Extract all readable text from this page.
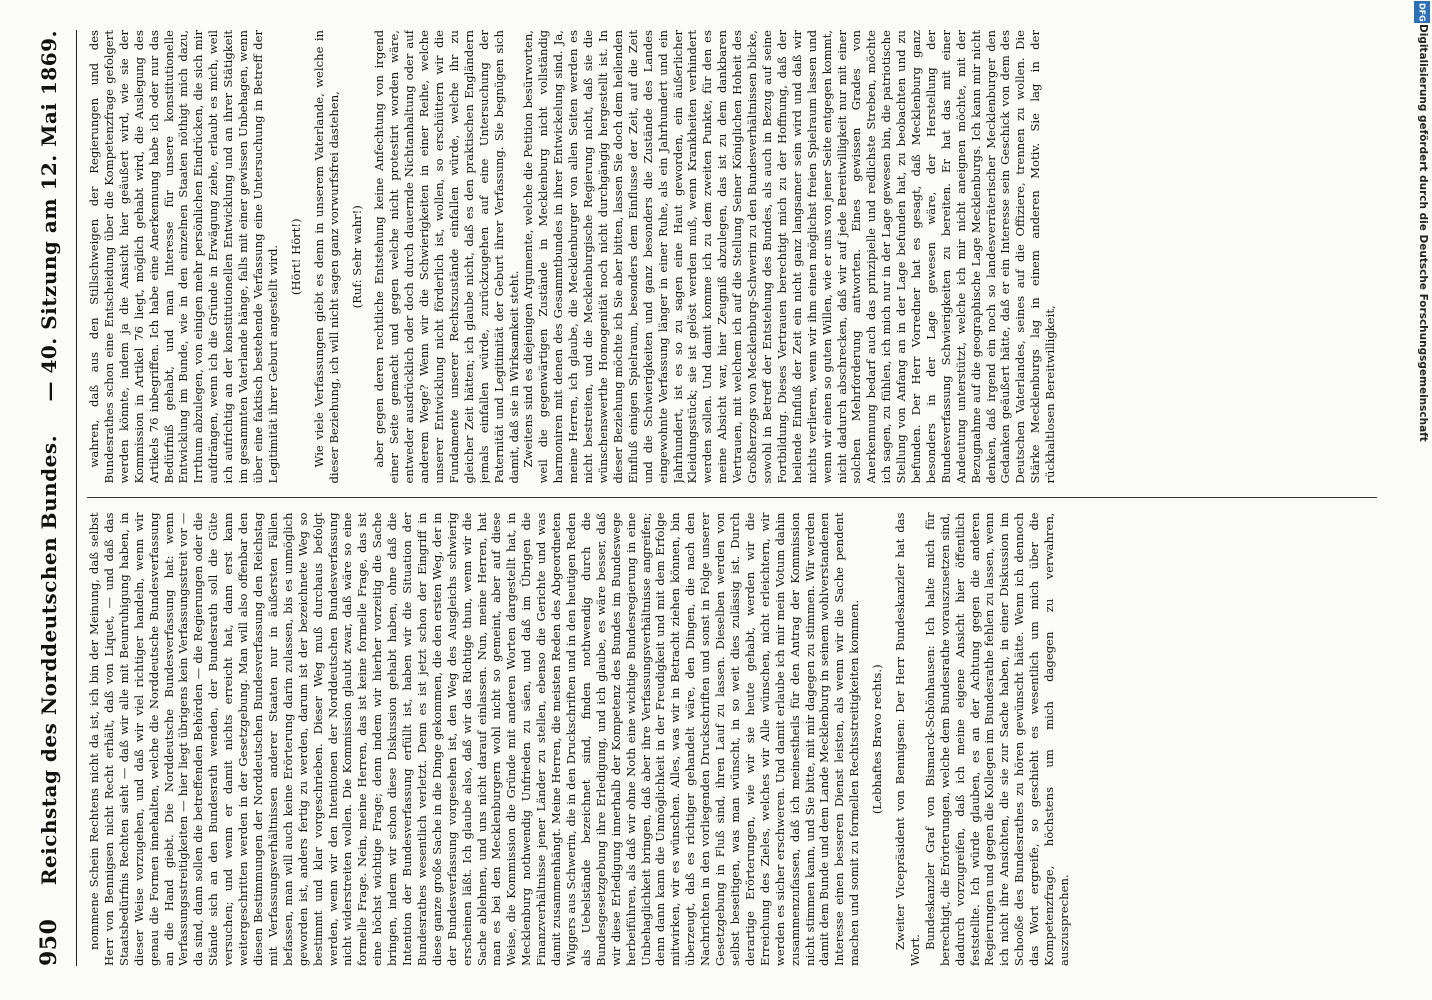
950
Reichstag des Norddeutschen Bundes.
— 40. Sitzung am 12. Mai 1869.

nommene Schein Rechtens nicht da ist, ich bin der Meinung, daß selbst Herr von Bennigsen nicht Recht erhält, daß von Liquet, — und daß das Staatsbedürfnis Rechten sieht — daß wir alle mit Beunruhigung haben, in dieser Weise vorzugehen, und daß wir viel richtiger handeln, wenn wir genau die Formen innehalten, welche die Norddeutsche Bundesverfassung an die Hand giebt. Die Norddeutsche Bundesverfassung hat: wenn Verfassungsstreitigkeiten — hier liegt übrigens kein Verfassungsstreit vor — da sind, dann sollen die betreffenden Behörden — die Regierungen oder die Stände sich an den Bundesrath wenden, der Bundesrath soll die Güte versuchen; und wenn er damit nichts erreicht hat, dann erst kann weitergeschritten werden in der Gesetzgebung. Man will also offenbar den diesen Bestimmungen der Norddeutschen Bundesverfassung den Reichstag mit Verfassungsverhältnissen anderer Staaten nur in äußersten Fällen befassen, man will auch keine Erörterung darin zulassen, bis es unmöglich geworden ist, anders fertig zu werden, darum ist der bezeichnete Weg so bestimmt und klar vorgeschrieben. Dieser Weg muß durchaus befolgt werden, wenn wir den Intentionen der Norddeutschen Bundesverfassung nicht widerstreiten wollen. Die Kommission glaubt zwar, daß wäre so eine formelle Frage. Nein, meine Herren, das ist keine formelle Frage, das ist eine höchst wichtige Frage; denn indem wir hierher vorzeitig die Sache bringen, indem wir schon diese Diskussion gehabt haben, ohne daß die Intention der Bundesverfassung erfüllt ist, haben wir die Situation der Bundesrathes wesentlich verletzt. Denn es ist jetzt schon der Eingriff in diese ganze große Sache in die Dinge gekommen, die den ersten Weg, der in der Bundesverfassung vorgesehen ist, den Weg des Ausgleichs schwierig erscheinen läßt. Ich glaube also, daß wir das Richtige thun, wenn wir die Sache ablehnen, und uns nicht darauf einlassen. Nun, meine Herren, hat man es bei den Mecklenburgern wohl nicht so gemeint, aber auf diese Weise, die Kommission die Gründe mit anderen Worten dargestellt hat, in Mecklenburg nothwendig Unfrieden zu säen, und daß im Übrigen die Finanzverhältnisse jener Länder zu stellen, ebenso die Gerichte und was damit zusammenhängt. Meine Herren, die meisten Reden des Abgeordneten Wiggers aus Schwerin, die in den Druckschriften und in den heutigen Reden als Uebelstände bezeichnet sind, finden nothwendig durch die Bundesgesetzgebung ihre Erledigung, und ich glaube, es wäre besser, daß wir diese Erledigung innerhalb der Kompetenz des Bundes im Bundeswege herbeiführen, als daß wir ohne Noth eine wichtige Bundesregierung in eine Unbehaglichkeit bringen, daß aber ihre Verfassungsverhältnisse angreifen; denn dann kann die Unmöglichkeit in der Freudigkeit und mit dem Erfolge mitwirken, wir es wünschen. Alles, was wir in Betracht ziehen können, bin überzeugt, daß es richtiger gehandelt wäre, den Dingen, die nach den Nachrichten in den vorliegenden Druckschriften und sonst in Folge unserer Gesetzgebung in Fluß sind, ihren Lauf zu lassen. Dieselben werden von selbst beseitigen, was man wünscht, in so weit dies zulässig ist. Durch derartige Erörterungen, wie wir sie heute gehabt, werden wir die Erreichung des Zieles, welches wir Alle wünschen, nicht erleichtern, wir werden es sicher erschweren. Und damit erlaube ich mir mein Votum dahin zusammenzufassen, daß ich meinestheils für den Antrag der Kommission nicht stimmen kann, und Sie bitte, mit mir dagegen zu stimmen. Wir werden damit dem Bunde und dem Lande Mecklenburg in seinem wohlverstandenen Interesse einen besseren Dienst leisten, als wenn wir die Sache pendent machen und somit zu formellen Rechtsstreitigkeiten kommen. (Lebhaftes Bravo rechts.) Zweiter Vicepräsident von Bennigsen: Der Herr Bundeskanzler hat das Wort. Bundeskanzler Graf von Bismarck-Schönhausen: Ich halte mich für berechtigt, die Erörterungen, welche dem Bundesrathe vorauszusetzen sind, dadurch vorzugreifen, daß ich meine eigene Ansicht hier öffentlich feststellte. Ich würde glauben, es an der Achtung gegen die anderen Regierungen und gegen die Kollegen im Bundesrathe fehlen zu lassen, wenn ich nicht ihre Ansichten, die sie zur Sache haben, in einer Diskussion im Schooße des Bundesrathes zu hören gewünscht hätte. Wenn ich dennoch das Wort ergreife, so geschieht es wesentlich um mich über die Kompetenzfrage, höchstens um mich dagegen zu verwahren, auszusprechen.

wahren, daß aus den Stillschweigen der Regierungen und des Bundesrathes schon eine Entscheidung über die Kompetenzfrage gefolgert werden könnte, indem ja die Ansicht hier geäußert wird, wie sie der Kommission in Artikel 76 liegt, möglich gehabt wird, die Auslegung des Artikels 76 inbegriffen. Ich habe eine Anerkennung habe ich oder nur das Bedürfniß gehabt, und man Interesse für unsere konstitutionelle Entwicklung im Bunde, wie in den einzelnen Staaten nöthigt mich dazu, Irrthum abzulegen, von einigen mehr persönlichen Eindrücken, die sich mir aufdrängen, wenn ich die Gründe in Erwägung ziehe, erlaubt es mich, weil ich aufrichtig an der konstitutionellen Entwicklung und an ihrer Stätigkeit im gesammten Vaterlande hänge, falls mit einer gewissen Unbehagen, wenn über eine faktisch bestehende Verfassung eine Untersuchung in Betreff der Legitimität ihrer Geburt angestellt wird. (Hört! Hört!) Wie viele Verfassungen giebt es denn in unserem Vaterlande, welche in dieser Beziehung, ich will nicht sagen ganz vorwurfsfrei dastehen, (Ruf: Sehr wahr!) aber gegen deren rechtliche Entstehung keine Anfechtung von irgend einer Seite gemacht und gegen welche nicht protestirt worden wäre, entweder ausdrücklich oder doch durch dauernde Nichtanhaltung oder auf anderem Wege? Wenn wir die Schwierigkeiten in einer Reihe, welche unserer Entwicklung nicht förderlich ist, wollen, so erschüttern wir die Fundamente unserer Rechtszustände einfallen würde, welche ihr zu gleicher Zeit hätten; ich glaube nicht, daß es den praktischen Engländern jemals einfallen würde, zurückzugehen auf eine Untersuchung der Paternität und Legitimität der Geburt ihrer Verfassung. Sie begnügen sich damit, daß sie in Wirksamkeit steht. Zweitens sind es diejenigen Argumente, welche die Petition besürworten, weil die gegenwärtigen Zustände in Mecklenburg nicht vollständig harmoniren mit denen des Gesammtbundes in ihrer Entwickelung sind. Ja, meine Herren, ich glaube, die Mecklenburger von allen Seiten werden es nicht bestreiten, und die Mecklenburgische Regierung nicht, daß sie die wünschenswerthe Homogenität noch nicht durchgängig hergestellt ist. In dieser Beziehung möchte ich Sie aber bitten, lassen Sie doch dem heilenden Einfluß einigen Spielraum, besonders dem Einflusse der Zeit, auf die Zeit und die Schwierigkeiten und ganz besonders die Zustände des Landes eingewohnte Verfassung länger in einer Ruhe, als ein Jahrhundert und ein Jahrhundert, ist es so zu sagen eine Haut geworden, ein äußerlicher Kleidungsstück; sie ist gelöst werden muß, wenn Krankheiten verhindert werden sollen. Und damit komme ich zu dem zweiten Punkte, für den es meine Absicht war, hier Zeugniß abzulegen, das ist zu dem dankbaren Vertrauen, mit welchem ich auf die Stellung Seiner Königlichen Hoheit des Großherzogs von Mecklenburg-Schwerin zu den Bundesverhältnissen blicke, sowohl in Betreff der Entstehung des Bundes, als auch in Bezug auf seine Fortbildung. Dieses Vertrauen berechtigt mich zu der Hoffnung, daß der heilende Einfluß der Zeit ein nicht ganz langsamer sein wird und daß wir nichts verlieren, wenn wir ihm einen möglichst freien Spielraum lassen und wenn wir einen so guten Willen, wie er uns von jener Seite entgegen kommt, nicht dadurch abschrecken, daß wir auf jede Bereitwilligkeit nur mit einer solchen Mehrforderung antworten. Eines gewissen Grades von Anerkennung bedarf auch das prinzipielle und redlichste Streben, möchte ich sagen, zu fühlen, ich mich nur in der Lage gewesen bin, die patriotische Stellung von Anfang an in der Lage befunden hat, zu beobachten und zu befunden. Der Herr Vorredner hat es gesagt, daß Mecklenburg ganz besonders in der Lage gewesen wäre, der Herstellung der Bundesverfassung Schwierigkeiten zu bereiten. Er hat das mit einer Andeutung unterstützt, welche ich mir nicht aneignen möchte, mit der Bezugnahme auf die geographische Lage Mecklenburgs. Ich kann mir nicht denken, daß irgend ein noch so landesverräterischer Mecklenburger den Gedanken geäußert hätte, daß er ein Interesse sein Geschick von dem des Deutschen Vaterlandes, seines auf die Offiziere, trennen zu wollen. Die Stärke Mecklenburgs lag in einem anderen Motiv. Sie lag in der rückhaltlosen Bereitwilligkeit,

DFG
Digitalisierung gefördert durch die Deutsche Forschungsgemeinschaft
